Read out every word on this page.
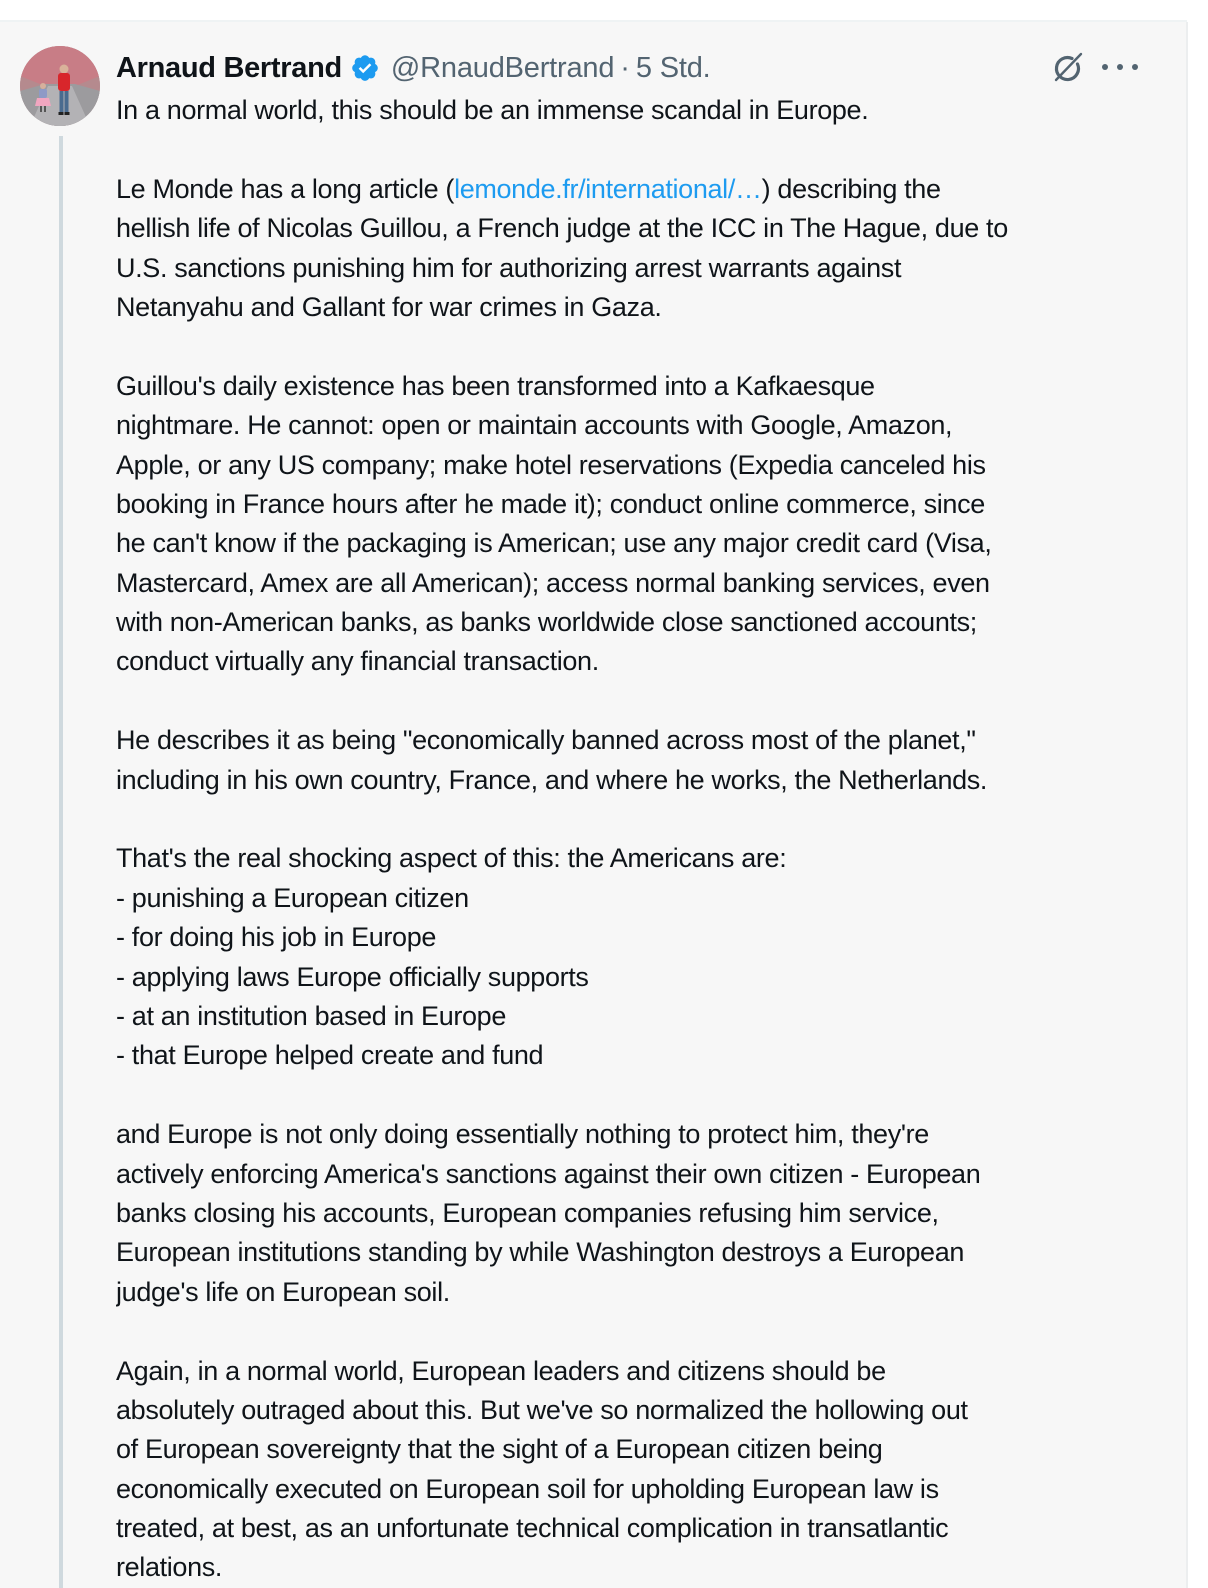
Arnaud Bertrand @RnaudBertrand · 5 Std.
In a normal world, this should be an immense scandal in Europe.
Le Monde has a long article (lemonde.fr/international/…) describing the
hellish life of Nicolas Guillou, a French judge at the ICC in The Hague, due to
U.S. sanctions punishing him for authorizing arrest warrants against
Netanyahu and Gallant for war crimes in Gaza.
Guillou's daily existence has been transformed into a Kafkaesque
nightmare. He cannot: open or maintain accounts with Google, Amazon,
Apple, or any US company; make hotel reservations (Expedia canceled his
booking in France hours after he made it); conduct online commerce, since
he can't know if the packaging is American; use any major credit card (Visa,
Mastercard, Amex are all American); access normal banking services, even
with non-American banks, as banks worldwide close sanctioned accounts;
conduct virtually any financial transaction.
He describes it as being "economically banned across most of the planet,"
including in his own country, France, and where he works, the Netherlands.
That's the real shocking aspect of this: the Americans are:
- punishing a European citizen
- for doing his job in Europe
- applying laws Europe officially supports
- at an institution based in Europe
- that Europe helped create and fund
and Europe is not only doing essentially nothing to protect him, they're
actively enforcing America's sanctions against their own citizen - European
banks closing his accounts, European companies refusing him service,
European institutions standing by while Washington destroys a European
judge's life on European soil.
Again, in a normal world, European leaders and citizens should be
absolutely outraged about this. But we've so normalized the hollowing out
of European sovereignty that the sight of a European citizen being
economically executed on European soil for upholding European law is
treated, at best, as an unfortunate technical complication in transatlantic
relations.
